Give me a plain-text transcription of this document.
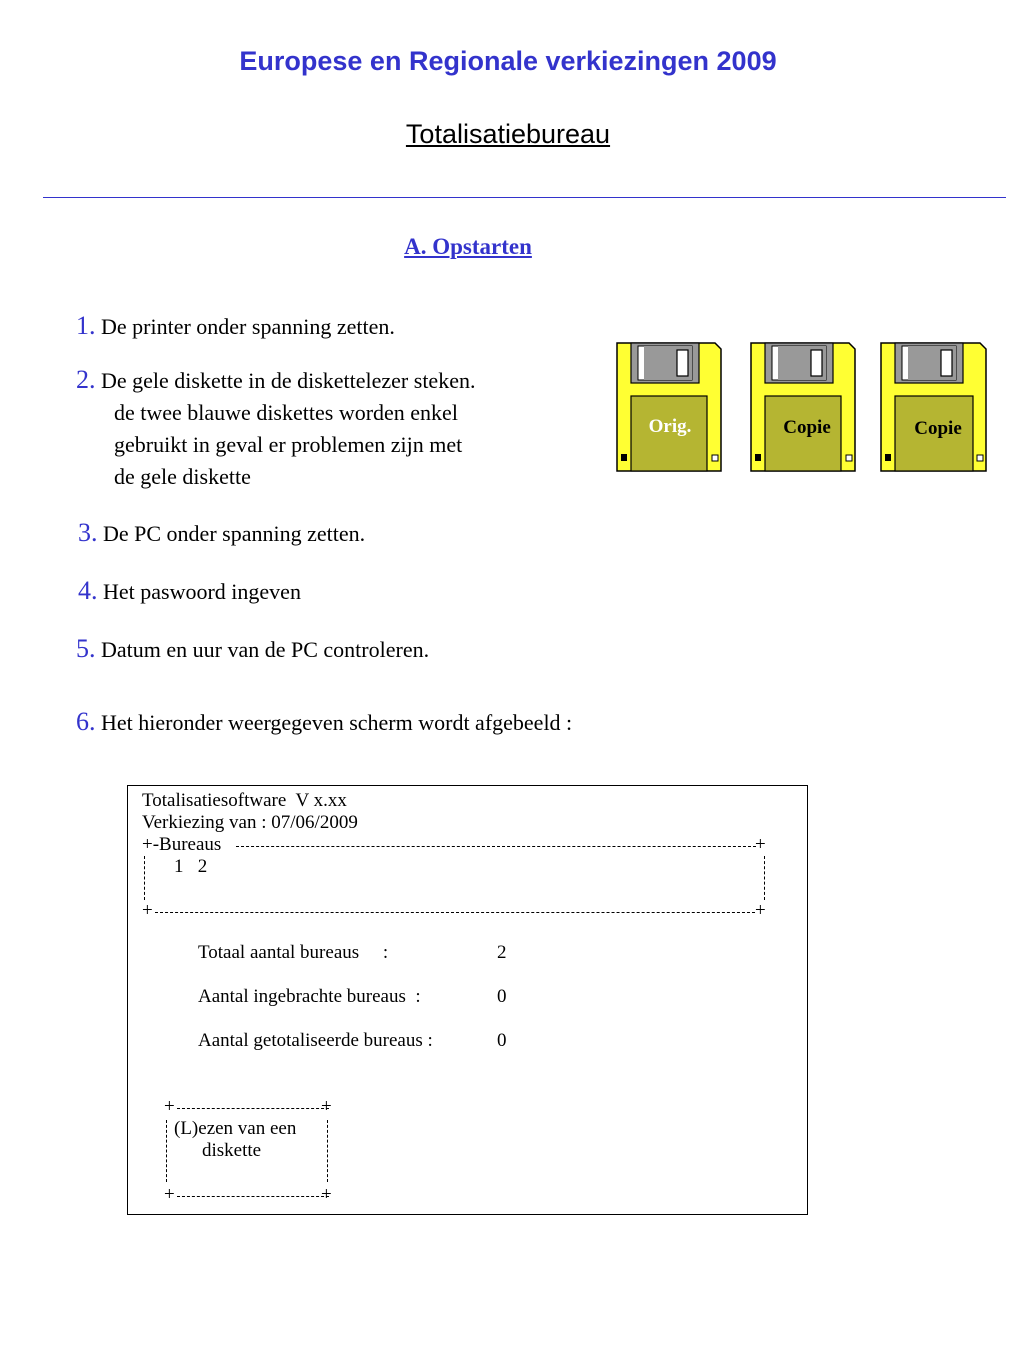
Europese en Regionale verkiezingen 2009
Totalisatiebureau
A. Opstarten
1. De printer onder spanning zetten.
2. De gele diskette in de diskettelezer steken.
de twee blauwe diskettes worden enkel
gebruikt in geval er problemen zijn met
de gele diskette
3. De PC onder spanning zetten.
4. Het paswoord ingeven
5. Datum en uur van de PC controleren.
6. Het hieronder weergegeven scherm wordt afgebeeld :
Orig.	Copie	Copie
Totalisatiesoftware  V x.xx
Verkiezing van : 07/06/2009
+-Bureaus	+
1   2
+	+
Totaal aantal bureaus     :	2
Aantal ingebrachte bureaus  :	0
Aantal getotaliseerde bureaus :	0
+	+
(L)ezen van een
diskette
+	+
